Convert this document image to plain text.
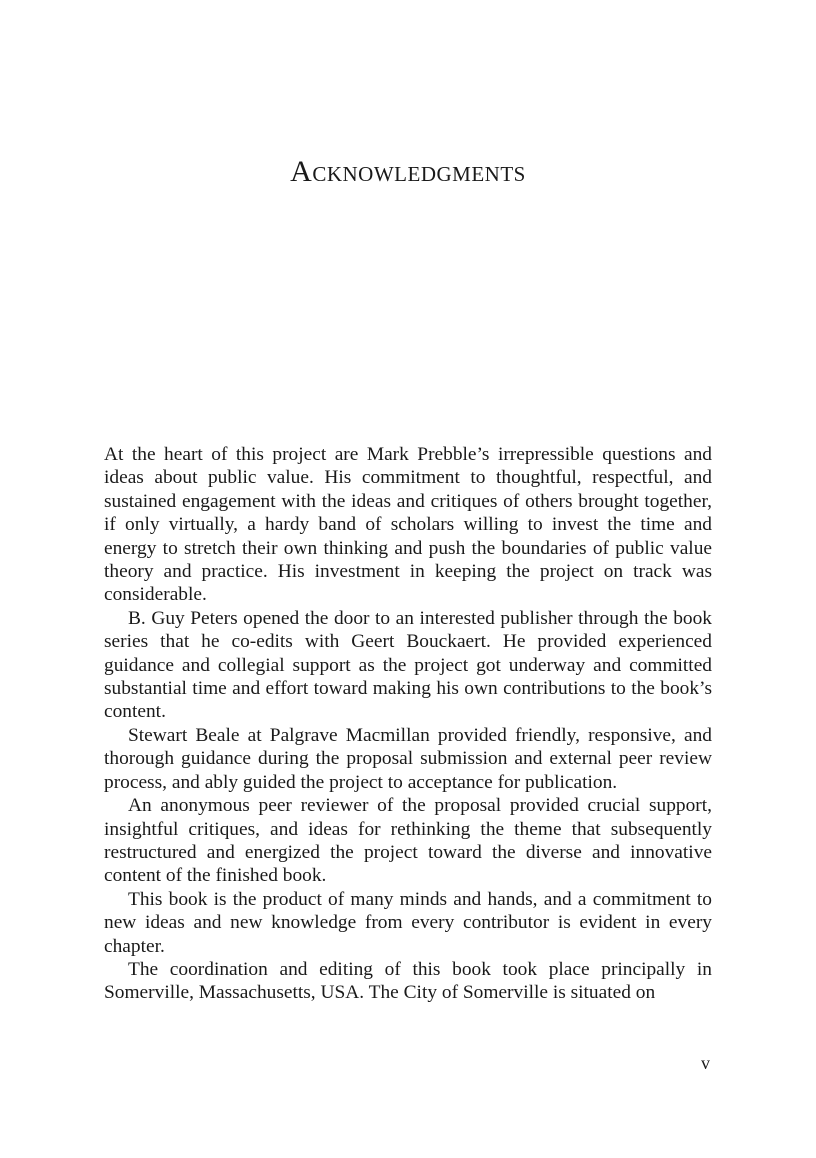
Acknowledgments

At the heart of this project are Mark Prebble’s irrepressible questions and ideas about public value. His commitment to thoughtful, respectful, and sustained engagement with the ideas and critiques of others brought together, if only virtually, a hardy band of scholars willing to invest the time and energy to stretch their own thinking and push the boundaries of public value theory and practice. His investment in keeping the project on track was considerable.

B. Guy Peters opened the door to an interested publisher through the book series that he co-edits with Geert Bouckaert. He provided experienced guidance and collegial support as the project got underway and committed substantial time and effort toward making his own contributions to the book’s content.

Stewart Beale at Palgrave Macmillan provided friendly, responsive, and thorough guidance during the proposal submission and external peer review process, and ably guided the project to acceptance for publication.

An anonymous peer reviewer of the proposal provided crucial support, insightful critiques, and ideas for rethinking the theme that subsequently restructured and energized the project toward the diverse and innovative content of the finished book.

This book is the product of many minds and hands, and a commitment to new ideas and new knowledge from every contributor is evident in every chapter.

The coordination and editing of this book took place principally in Somerville, Massachusetts, USA. The City of Somerville is situated on

v
